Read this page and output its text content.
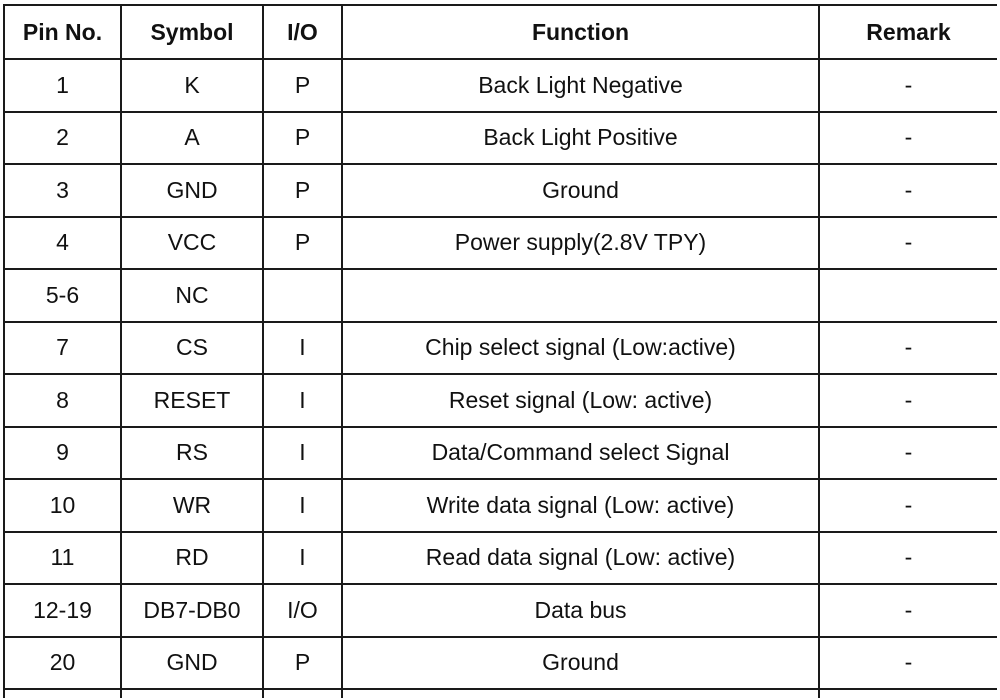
Pin No.	Symbol	I/O	Function	Remark
1	K	P	Back Light Negative	-
2	A	P	Back Light Positive	-
3	GND	P	Ground	-
4	VCC	P	Power supply(2.8V TPY)	-
5-6	NC			
7	CS	I	Chip select signal (Low:active)	-
8	RESET	I	Reset signal (Low: active)	-
9	RS	I	Data/Command select Signal	-
10	WR	I	Write data signal (Low: active)	-
11	RD	I	Read data signal (Low: active)	-
12-19	DB7-DB0	I/O	Data bus	-
20	GND	P	Ground	-
